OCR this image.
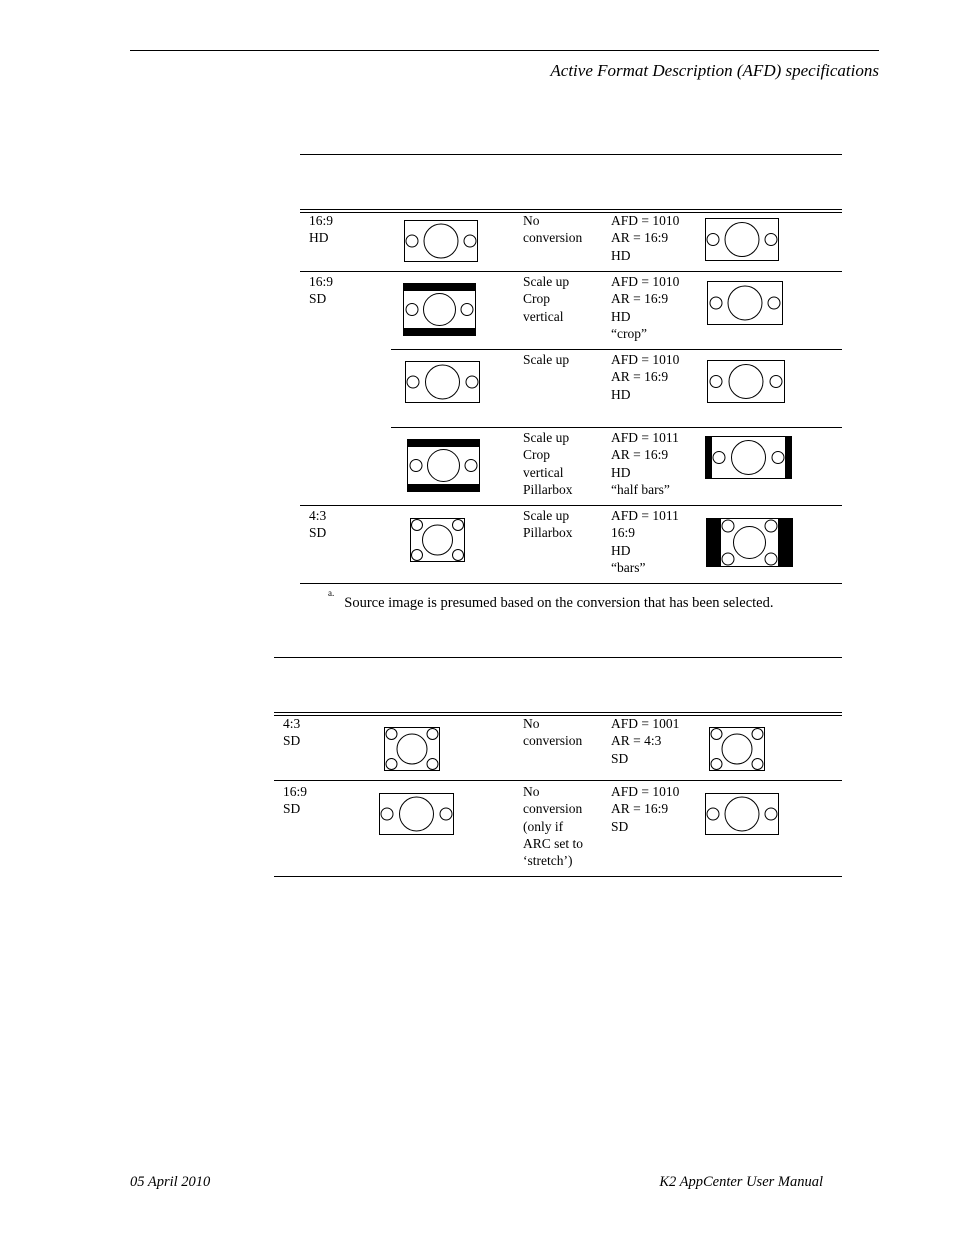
Active Format Description (AFD) specifications
16:9
HD
No
conversion
AFD = 1010
AR = 16:9
HD
16:9
SD
Scale up
Crop
vertical
AFD = 1010
AR = 16:9
HD
“crop”
Scale up	AFD = 1010
AR = 16:9
HD
Scale up
Crop
vertical
Pillarbox
AFD = 1011
AR = 16:9
HD
“half bars”
4:3
SD
Scale up
Pillarbox
AFD = 1011
16:9
HD
“bars”
$^{a.}$Source image is presumed based on the conversion that has been selected.
4:3
SD
No
conversion
AFD = 1001
AR = 4:3
SD
16:9
SD
No
conversion
(only if
ARC set to
‘stretch’)
AFD = 1010
AR = 16:9
SD
05 April 2010	K2 AppCenter User Manual
